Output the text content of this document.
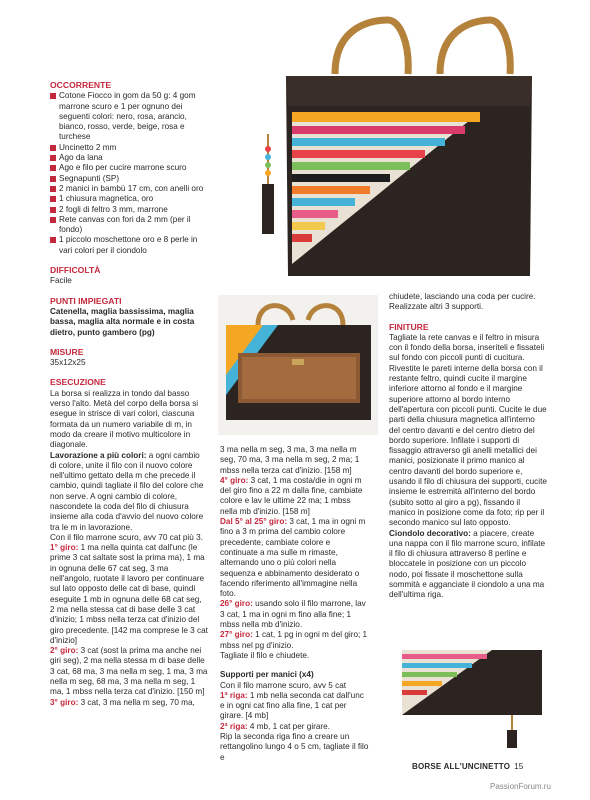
OCCORRENTE
Cotone Fiocco in gom da 50 g: 4 gom marrone scuro e 1 per ognuno dei seguenti colori: nero, rosa, arancio, bianco, rosso, verde, beige, rosa e turchese
Uncinetto 2 mm
Ago da lana
Ago e filo per cucire marrone scuro
Segnapunti (SP)
2 manici in bambù 17 cm, con anelli oro
1 chiusura magnetica, oro
2 fogli di feltro 3 mm, marrone
Rete canvas con fori da 2 mm (per il fondo)
1 piccolo moschettone oro e 8 perle in vari colori per il ciondolo
DIFFICOLTÀ

Facile

PUNTI IMPIEGATI

Catenella, maglia bassissima, maglia bassa, maglia alta normale e in costa dietro, punto gambero (pg)

MISURE

35x12x25

ESECUZIONE

La borsa si realizza in tondo dal basso verso l'alto. Metà del corpo della borsa si esegue in strisce di vari colori, ciascuna formata da un numero variabile di m, in modo da creare il motivo multicolore in diagonale.

Lavorazione a più colori: a ogni cambio di colore, unite il filo con il nuovo colore nell'ultimo gettato della m che precede il cambio, quindi tagliate il filo del colore che non serve. A ogni cambio di colore, nascondete la coda del filo di chiusura insieme alla coda d'avvio del nuovo colore tra le m in lavorazione.

Con il filo marrone scuro, avv 70 cat più 3.

1° giro: 1 ma nella quinta cat dall'unc (le prime 3 cat saltate sost la prima ma), 1 ma in ognuna delle 67 cat seg, 3 ma nell'angolo, ruotate il lavoro per continuare sul lato opposto delle cat di base, quindi eseguite 1 mb in ognuna delle 68 cat seg, 2 ma nella stessa cat di base delle 3 cat d'inizio; 1 mbss nella terza cat d'inizio del giro precedente. [142 ma comprese le 3 cat d'inizio]

2° giro: 3 cat (sost la prima ma anche nei giri seg), 2 ma nella stessa m di base delle 3 cat, 68 ma, 3 ma nella m seg, 1 ma, 3 ma nella m seg, 68 ma, 3 ma nella m seg, 1 ma, 1 mbss nella terza cat d'inizio. [150 m]

3° giro: 3 cat, 3 ma nella m seg, 70 ma,

3 ma nella m seg, 3 ma, 3 ma nella m seg, 70 ma, 3 ma nella m seg, 2 ma; 1 mbss nella terza cat d'inizio. [158 m]

4° giro: 3 cat, 1 ma costa/die in ogni m del giro fino a 22 m dalla fine, cambiate colore e lav le ultime 22 ma; 1 mbss nella mb d'inizio. [158 m]

Dal 5° al 25° giro: 3 cat, 1 ma in ogni m fino a 3 m prima del cambio colore precedente, cambiate colore e continuate a ma sulle m rimaste, alternando uno o più colori nella sequenza e abbinamento desiderato o facendo riferimento all'immagine nella foto.

26° giro: usando solo il filo marrone, lav 3 cat, 1 ma in ogni m fino alla fine; 1 mbss nella mb d'inizio.

27° giro: 1 cat, 1 pg in ogni m del giro; 1 mbss nel pg d'inizio.

Tagliate il filo e chiudete.

Supporti per manici (x4)

Con il filo marrone scuro, avv 5 cat

1ª riga: 1 mb nella seconda cat dall'unc e in ogni cat fino alla fine, 1 cat per girare. [4 mb]

2ª riga: 4 mb, 1 cat per girare.

Rip la seconda riga fino a creare un rettangolino lungo 4 o 5 cm, tagliate il filo e

chiudete, lasciando una coda per cucire. Realizzate altri 3 supporti.

FINITURE

Tagliate la rete canvas e il feltro in misura con il fondo della borsa, inseriteli e fissateli sul fondo con piccoli punti di cucitura. Rivestite le pareti interne della borsa con il restante feltro, quindi cucite il margine inferiore attorno al fondo e il margine superiore attorno al bordo interno dell'apertura con piccoli punti. Cucite le due parti della chiusura magnetica all'interno del centro davanti e del centro dietro del bordo superiore. Infilate i supporti di fissaggio attraverso gli anelli metallici dei manici, posizionate il primo manico al centro davanti del bordo superiore e, usando il filo di chiusura dei supporti, cucite insieme le estremità all'interno del bordo (subito sotto al giro a pg), fissando il manico in posizione come da foto; rip per il secondo manico sul lato opposto.

Ciondolo decorativo: a piacere, create una nappa con il filo marrone scuro, infilate il filo di chiusura attraverso 8 perline e bloccatele in posizione con un piccolo nodo, poi fissate il moschettone sulla sommità e agganciate il ciondolo a una ma dell'ultima riga.

BORSE ALL'UNCINETTO 15
PassionForum.ru
